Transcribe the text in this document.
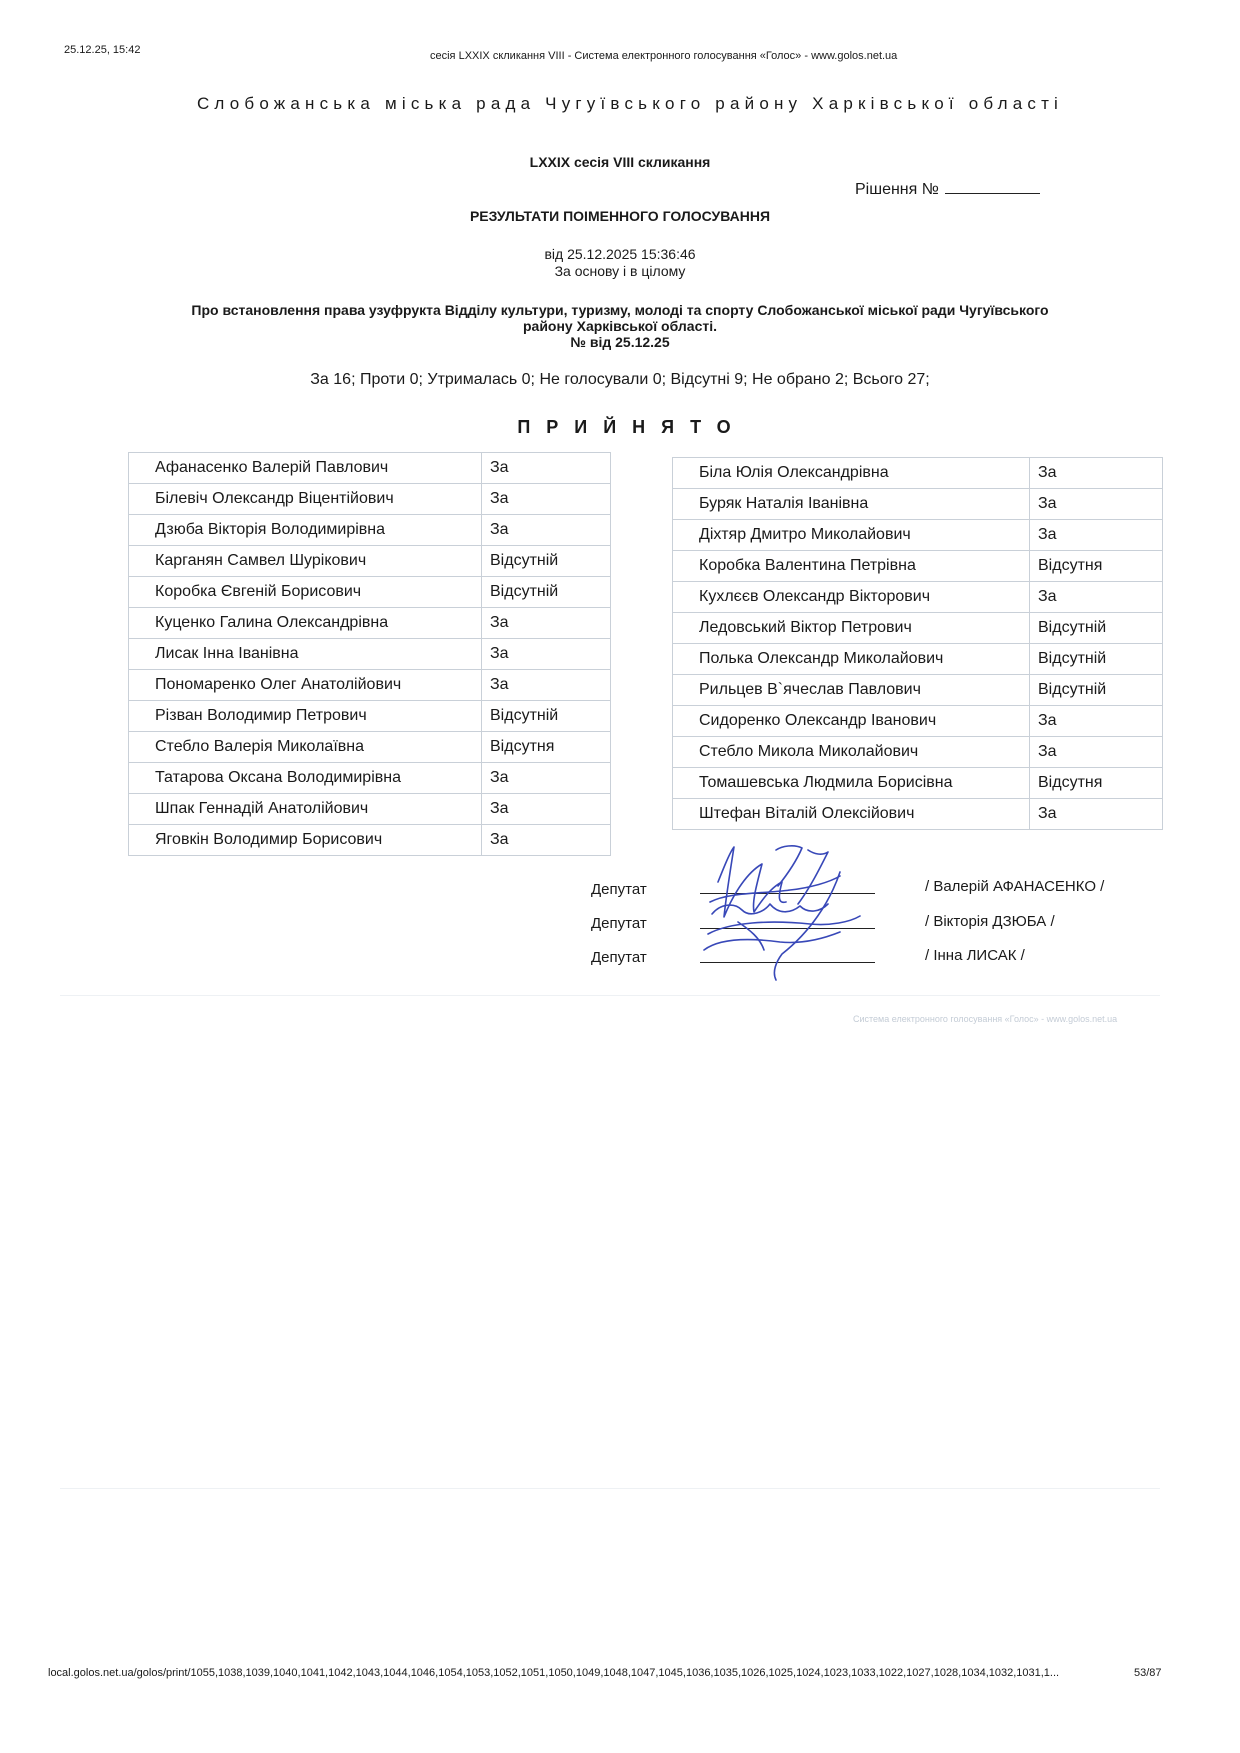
25.12.25, 15:42	сесія LXXIX скликання VIII - Система електронного голосування «Голос» - www.golos.net.ua
Слобожанська міська рада Чугуївського району Харківської області
LXXIX сесія VIII скликання
Рішення №
РЕЗУЛЬТАТИ ПОІМЕННОГО ГОЛОСУВАННЯ
від 25.12.2025 15:36:46
За основу і в цілому
Про встановлення права узуфрукта Відділу культури, туризму, молоді та спорту Слобожанської міської ради Чугуївського
району Харківської області.
№ від 25.12.25
За 16; Проти 0; Утрималась 0; Не голосували 0; Відсутні 9; Не обрано 2; Всього 27;
ПРИЙНЯТО
Афанасенко Валерій Павлович	За
Білевіч Олександр Віцентійович	За
Дзюба Вікторія Володимирівна	За
Карганян Самвел Шурікович	Відсутній
Коробка Євгеній Борисович	Відсутній
Куценко Галина Олександрівна	За
Лисак Інна Іванівна	За
Пономаренко Олег Анатолійович	За
Різван Володимир Петрович	Відсутній
Стебло Валерія Миколаївна	Відсутня
Татарова Оксана Володимирівна	За
Шпак Геннадій Анатолійович	За
Яговкін Володимир Борисович	За
Біла Юлія Олександрівна	За
Буряк Наталія Іванівна	За
Діхтяр Дмитро Миколайович	За
Коробка Валентина Петрівна	Відсутня
Кухлєєв Олександр Вікторович	За
Ледовський Віктор Петрович	Відсутній
Полька Олександр Миколайович	Відсутній
Рильцев В`ячеслав Павлович	Відсутній
Сидоренко Олександр Іванович	За
Стебло Микола Миколайович	За
Томашевська Людмила Борисівна	Відсутня
Штефан Віталій Олексійович	За
Депутат
Депутат
Депутат
/ Валерій АФАНАСЕНКО /
/ Вікторія ДЗЮБА /
/ Інна ЛИСАК /
Система електронного голосування «Голос» - www.golos.net.ua
local.golos.net.ua/golos/print/1055,1038,1039,1040,1041,1042,1043,1044,1046,1054,1053,1052,1051,1050,1049,1048,1047,1045,1036,1035,1026,1025,1024,1023,1033,1022,1027,1028,1034,1032,1031,1...	53/87
